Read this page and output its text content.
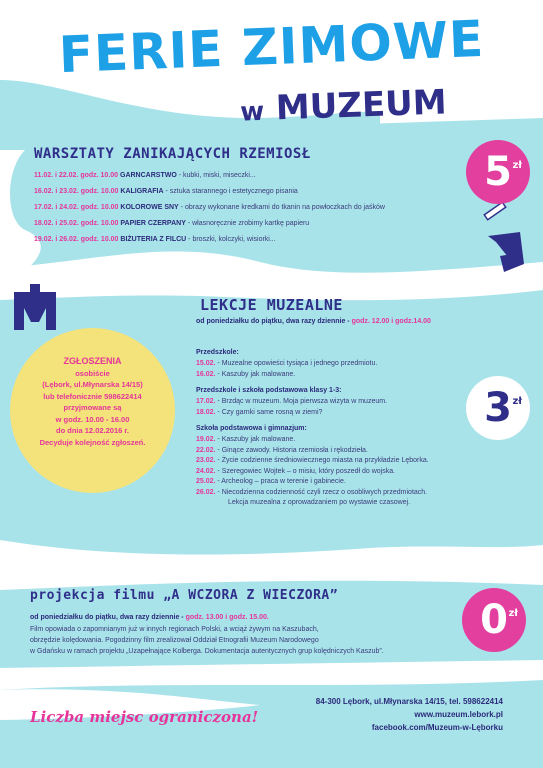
FERIE ZIMOWE
w MUZEUM
WARSZTATY ZANIKAJĄCYCH RZEMIOSŁ	5 zł
11.02. i 22.02. godz. 10.00 GARNCARSTWO - kubki, miski, miseczki...
16.02. i 23.02. godz. 10.00 KALIGRAFIA - sztuka starannego i estetycznego pisania
17.02. i 24.02. godz. 10.00 KOLOROWE SNY - obrazy wykonane kredkami do tkanin na powłoczkach do jaśków
18.02. i 25.02. godz. 10.00 PAPIER CZERPANY - własnoręcznie zrobimy kartkę papieru
19.02. i 26.02. godz. 10.00 BIŻUTERIA Z FILCU - broszki, kolczyki, wisiorki...
LEKCJE MUZEALNE
od poniedziałku do piątku, dwa razy dziennie - godz. 12.00 i godz.14.00
Przedszkole:
15.02. - Muzealne opowieści tysiąca i jednego przedmiotu.
16.02. - Kaszuby jak malowane.
Przedszkole i szkoła podstawowa klasy 1-3:
17.02. - Brzdąc w muzeum. Moja pierwsza wizyta w muzeum.
18.02. - Czy garnki same rosną w ziemi?
Szkoła podstawowa i gimnazjum:
19.02. - Kaszuby jak malowane.
22.02. - Ginące zawody. Historia rzemiosła i rękodzieła.
23.02. - Życie codzienne średniowiecznego miasta na przykładzie Lęborka.
24.02. - Szeregowiec Wojtek – o misiu, który poszedł do wojska.
25.02. - Archeolog – praca w terenie i gabinecie.
26.02. - Niecodzienna codzienność czyli rzecz o osobliwych przedmiotach.
Lekcja muzealna z oprowadzaniem po wystawie czasowej.
3 zł
ZGŁOSZENIA
osobiście
(Lębork, ul.Młynarska 14/15)
lub telefonicznie 598622414
przyjmowane są
w godz. 10.00 - 16.00
do dnia 12.02.2016 r.
Decyduje kolejność zgłoszeń.
projekcja filmu „A WCZORA Z WIECZORA”
od poniedziałku do piątku, dwa razy dziennie - godz. 13.00 i godz. 15.00.
Film opowiada o zapomnianym już w innych regionach Polski, a wciąż żywym na Kaszubach,
obrzędzie kolędowania. Pogodzinny film zrealizował Oddział Etnografii Muzeum Narodowego
w Gdańsku w ramach projektu „Uzapełnające Kolbergа. Dokumentacja autentycznych grup kolędniczych Kaszub”.
0 zł
84-300 Lębork, ul.Młynarska 14/15, tel. 598622414
www.muzeum.lebork.pl
facebook.com/Muzeum-w-Lęborku
Liczba miejsc ograniczona!
